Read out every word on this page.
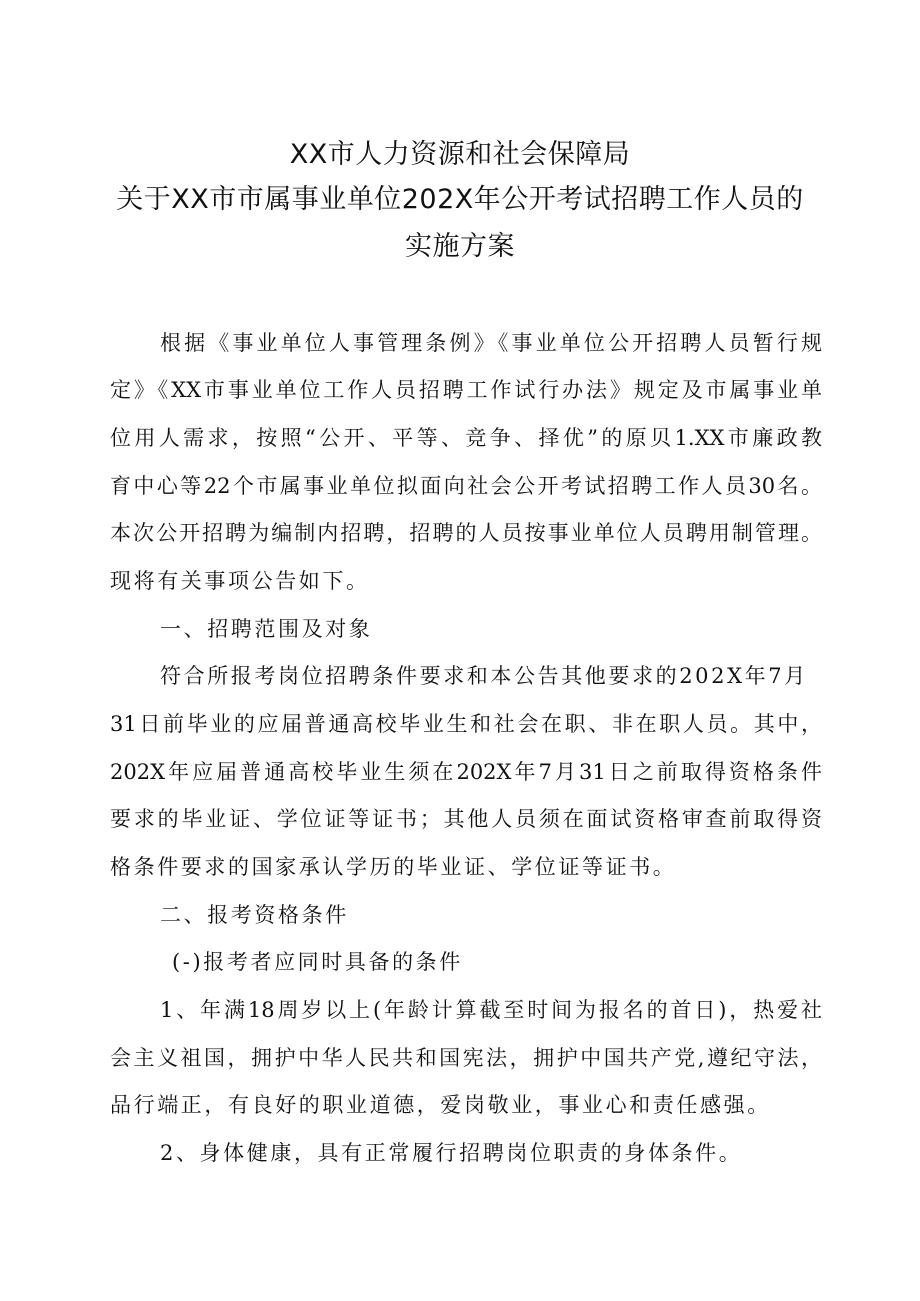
XX市人力资源和社会保障局
关于XX市市属事业单位202X年公开考试招聘工作人员的
实施方案
根据《事业单位人事管理条例》《事业单位公开招聘人员暂行规
定》《XX市事业单位工作人员招聘工作试行办法》规定及市属事业单
位用人需求，按照“公开、平等、竞争、择优”的原贝1.XX市廉政教
育中心等22个市属事业单位拟面向社会公开考试招聘工作人员30名。
本次公开招聘为编制内招聘，招聘的人员按事业单位人员聘用制管理。
现将有关事项公告如下。
一、招聘范围及对象
符合所报考岗位招聘条件要求和本公告其他要求的202X年7月
31日前毕业的应届普通高校毕业生和社会在职、非在职人员。其中，
202X年应届普通高校毕业生须在202X年7月31日之前取得资格条件
要求的毕业证、学位证等证书；其他人员须在面试资格审查前取得资
格条件要求的国家承认学历的毕业证、学位证等证书。
二、报考资格条件
(-)报考者应同时具备的条件
1、年满18周岁以上(年龄计算截至时间为报名的首日)，热爱社
会主义祖国，拥护中华人民共和国宪法，拥护中国共产党,遵纪守法，
品行端正，有良好的职业道德，爱岗敬业，事业心和责任感强。
2、身体健康，具有正常履行招聘岗位职责的身体条件。
